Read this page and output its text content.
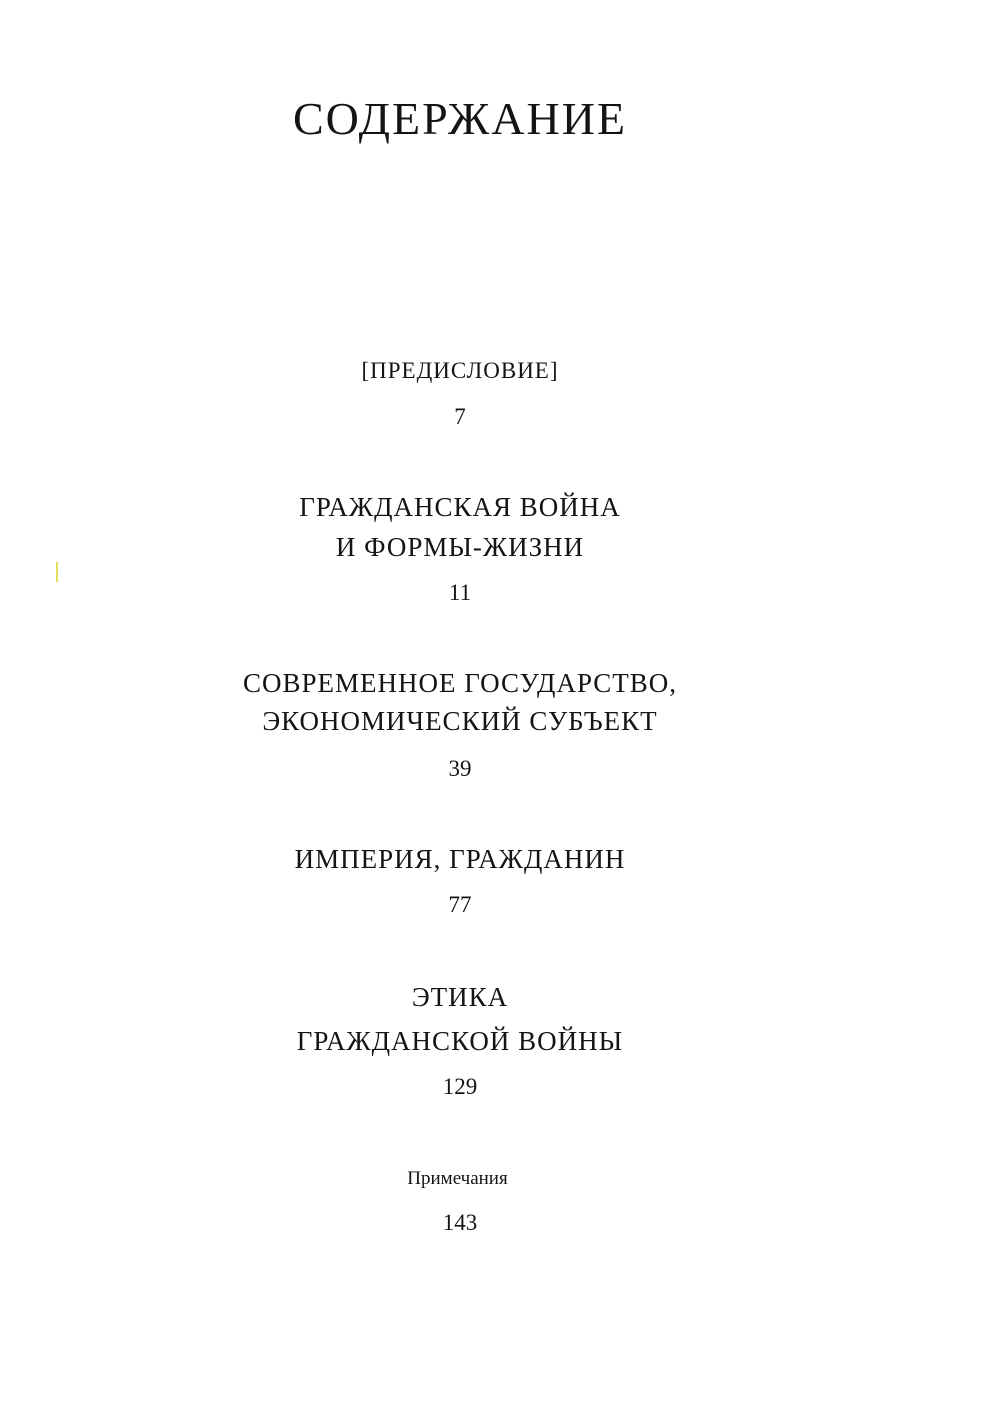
СОДЕРЖАНИЕ
[ПРЕДИСЛОВИЕ]
7
ГРАЖДАНСКАЯ ВОЙНА
И ФОРМЫ-ЖИЗНИ
11
СОВРЕМЕННОЕ ГОСУДАРСТВО,
ЭКОНОМИЧЕСКИЙ СУБЪЕКТ
39
ИМПЕРИЯ, ГРАЖДАНИН
77
ЭТИКА
ГРАЖДАНСКОЙ ВОЙНЫ
129
Примечания
143
